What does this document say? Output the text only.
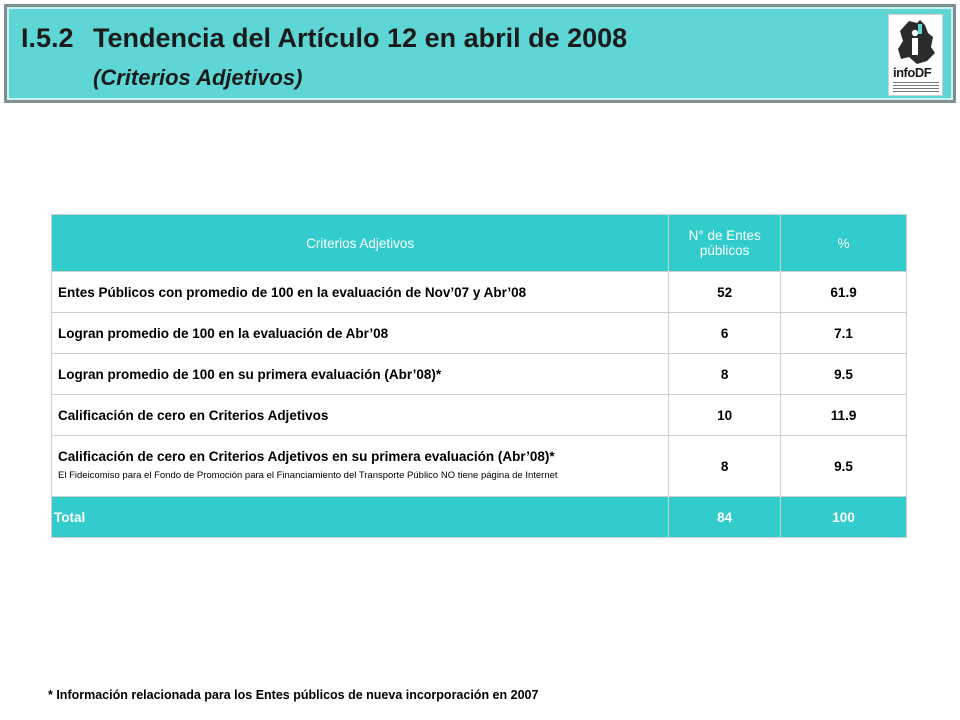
I.5.2 Tendencia del Artículo 12 en abril de 2008
(Criterios Adjetivos)	infoDF
Criterios Adjetivos	N° de Entes públicos	%
Entes Públicos con promedio de 100 en la evaluación de Nov’07 y Abr’08	52	61.9
Logran promedio de 100 en la evaluación de Abr’08	6	7.1
Logran promedio de 100 en su primera evaluación (Abr’08)*	8	9.5
Calificación de cero en Criterios Adjetivos	10	11.9

Calificación de cero en Criterios Adjetivos en su primera evaluación (Abr’08)*
El Fideicomiso para el Fondo de Promoción para el Financiamiento del Transporte Público NO tiene página de Internet	8	9.5
Total	84	100
* Información relacionada para los Entes públicos de nueva incorporación en 2007
